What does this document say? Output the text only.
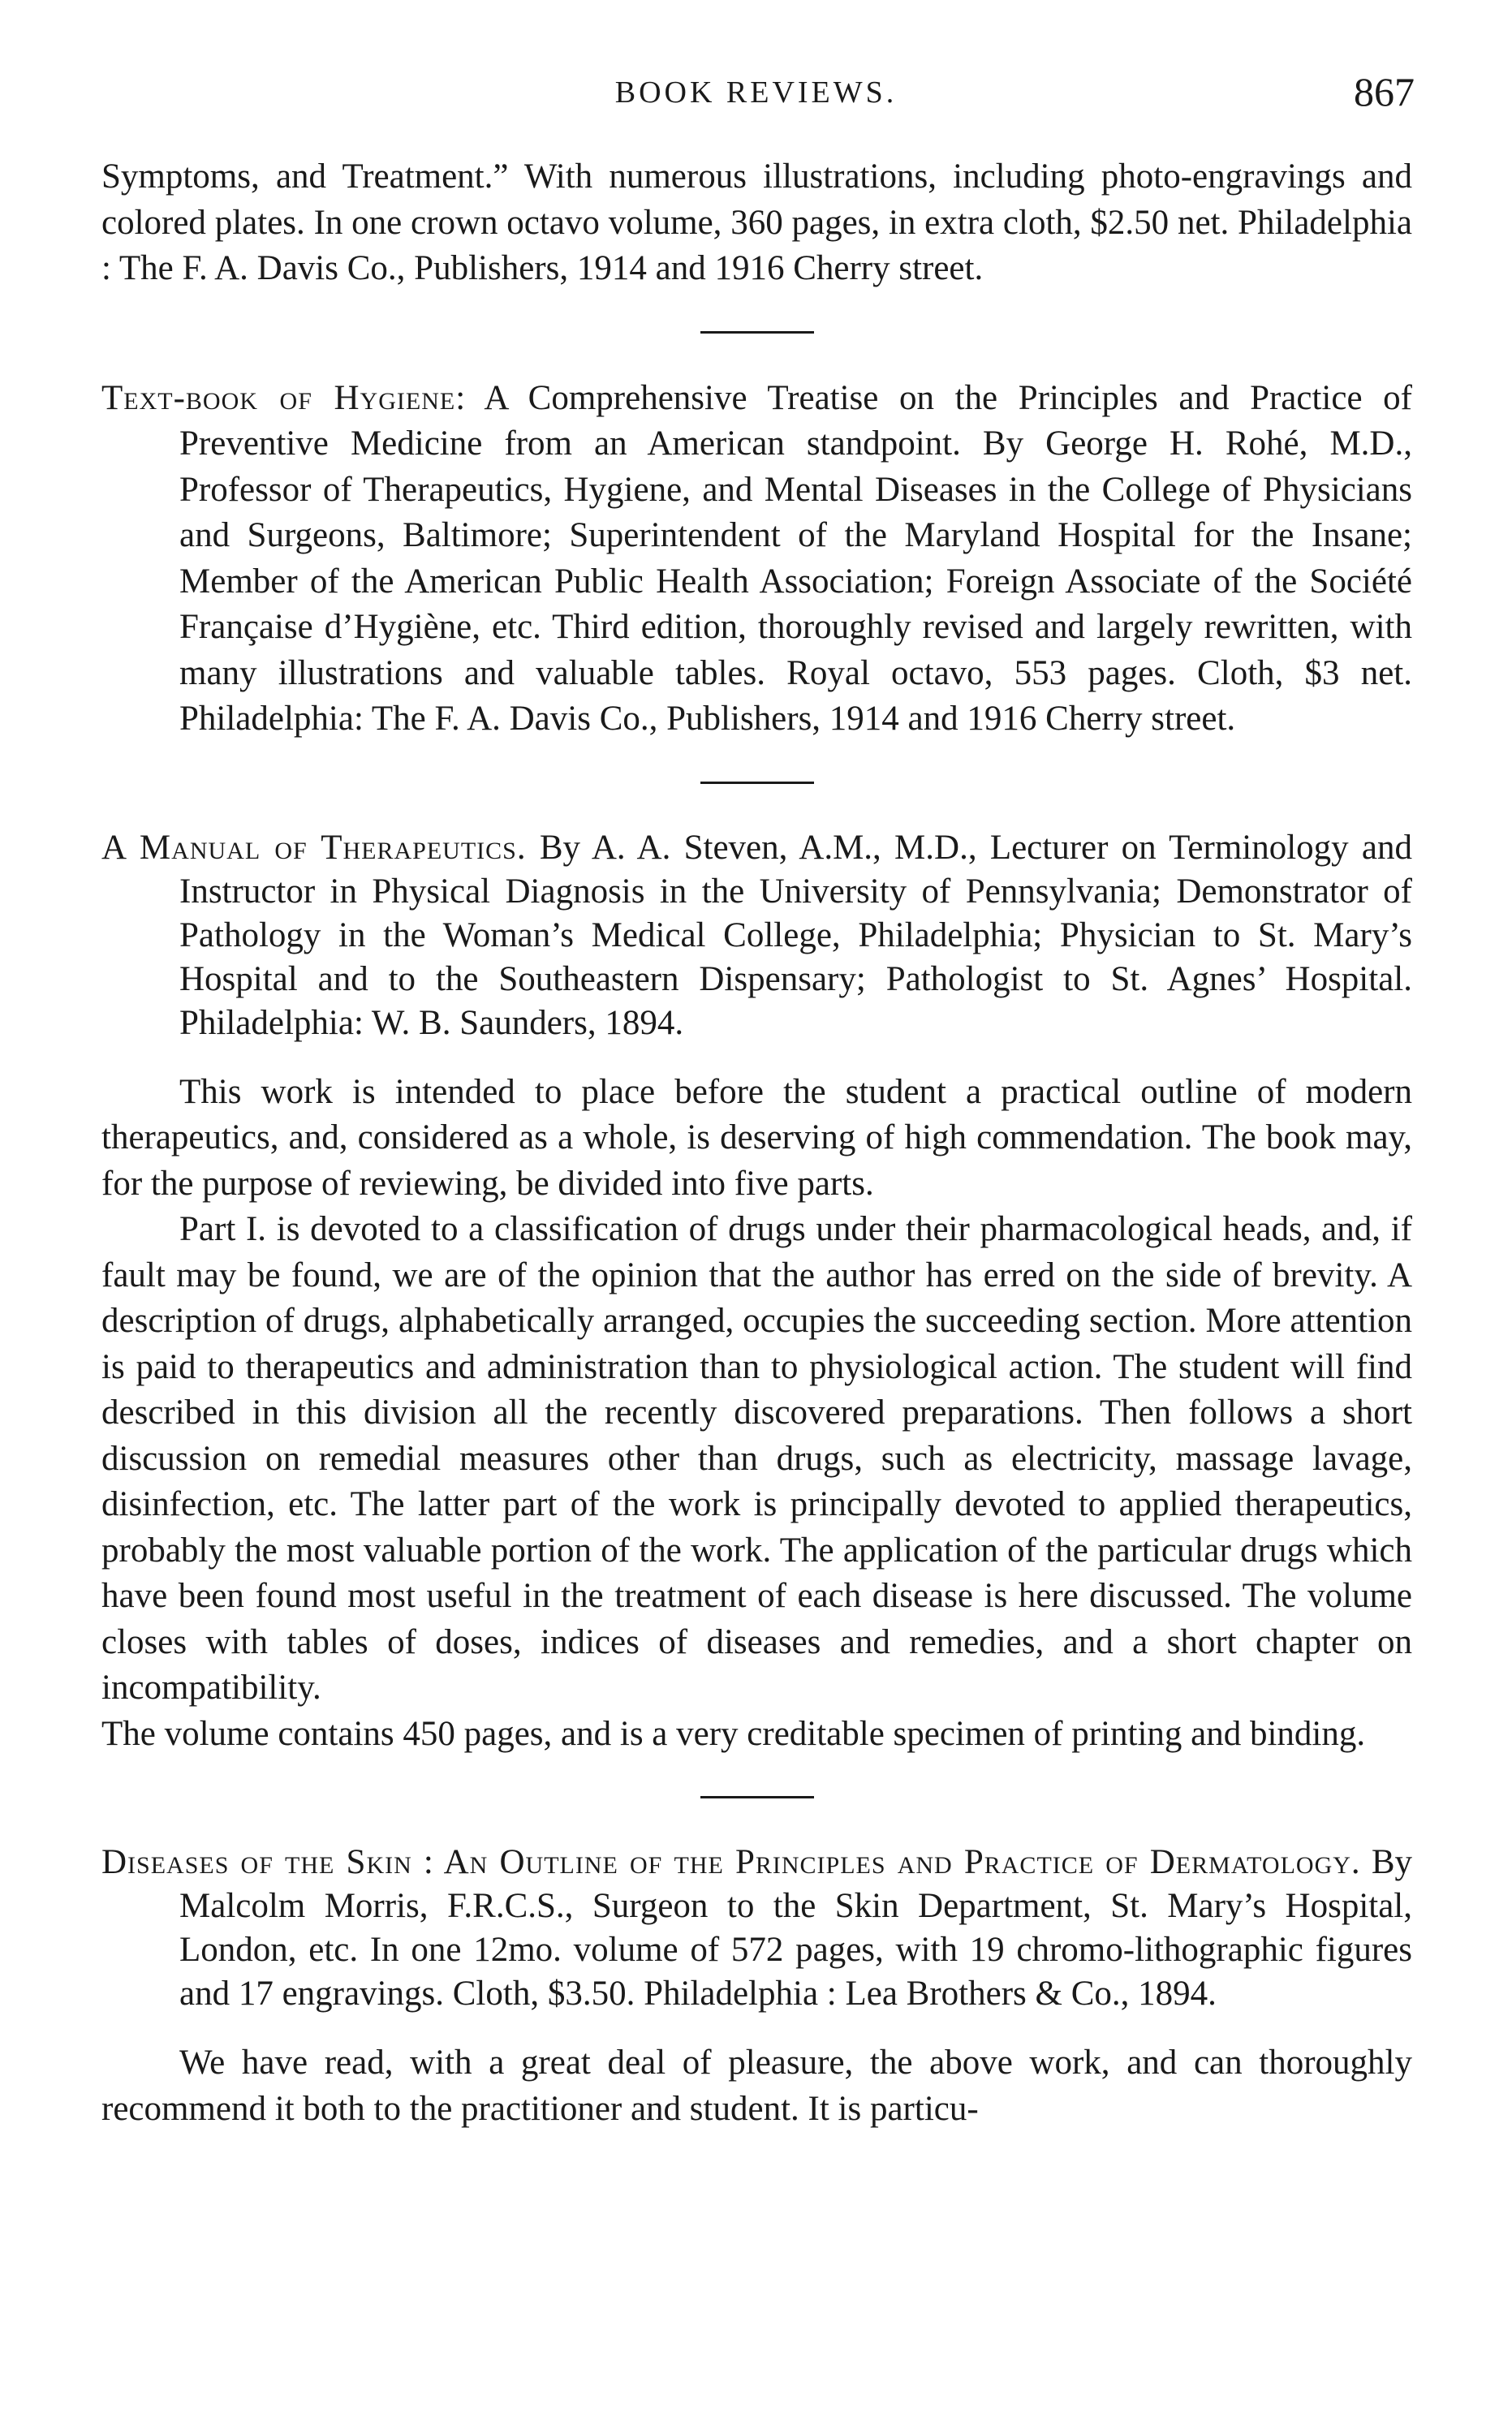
BOOK REVIEWS.	867

Symptoms, and Treatment.” With numerous illustrations, including photo-engravings and colored plates. In one crown octavo volume, 360 pages, in extra cloth, $2.50 net. Philadelphia : The F. A. Davis Co., Publishers, 1914 and 1916 Cherry street.

Text-book of Hygiene: A Comprehensive Treatise on the Principles and Practice of Preventive Medicine from an American standpoint. By George H. Rohé, M.D., Professor of Therapeutics, Hygiene, and Mental Diseases in the College of Physicians and Surgeons, Baltimore; Superintendent of the Maryland Hospital for the Insane; Member of the American Public Health Association; Foreign Associate of the Société Française d’Hygiène, etc. Third edition, thoroughly revised and largely rewritten, with many illustrations and valuable tables. Royal octavo, 553 pages. Cloth, $3 net. Philadelphia: The F. A. Davis Co., Publishers, 1914 and 1916 Cherry street.

A Manual of Therapeutics. By A. A. Steven, A.M., M.D., Lecturer on Terminology and Instructor in Physical Diagnosis in the University of Pennsylvania; Demonstrator of Pathology in the Woman’s Medical College, Philadelphia; Physician to St. Mary’s Hospital and to the Southeastern Dispensary; Pathologist to St. Agnes’ Hospital. Philadelphia: W. B. Saunders, 1894.

This work is intended to place before the student a practical outline of modern therapeutics, and, considered as a whole, is deserving of high commendation. The book may, for the purpose of reviewing, be divided into five parts.

Part I. is devoted to a classification of drugs under their pharmacological heads, and, if fault may be found, we are of the opinion that the author has erred on the side of brevity. A description of drugs, alphabetically arranged, occupies the succeeding section. More attention is paid to therapeutics and administration than to physiological action. The student will find described in this division all the recently discovered preparations. Then follows a short discussion on remedial measures other than drugs, such as electricity, massage lavage, disinfection, etc. The latter part of the work is principally devoted to applied therapeutics, probably the most valuable portion of the work. The application of the particular drugs which have been found most useful in the treatment of each disease is here discussed. The volume closes with tables of doses, indices of diseases and remedies, and a short chapter on incompatibility.

The volume contains 450 pages, and is a very creditable specimen of printing and binding.

Diseases of the Skin : An Outline of the Principles and Practice of Dermatology. By Malcolm Morris, F.R.C.S., Surgeon to the Skin Department, St. Mary’s Hospital, London, etc. In one 12mo. volume of 572 pages, with 19 chromo-lithographic figures and 17 engravings. Cloth, $3.50. Philadelphia : Lea Brothers & Co., 1894.

We have read, with a great deal of pleasure, the above work, and can thoroughly recommend it both to the practitioner and student. It is particu-
